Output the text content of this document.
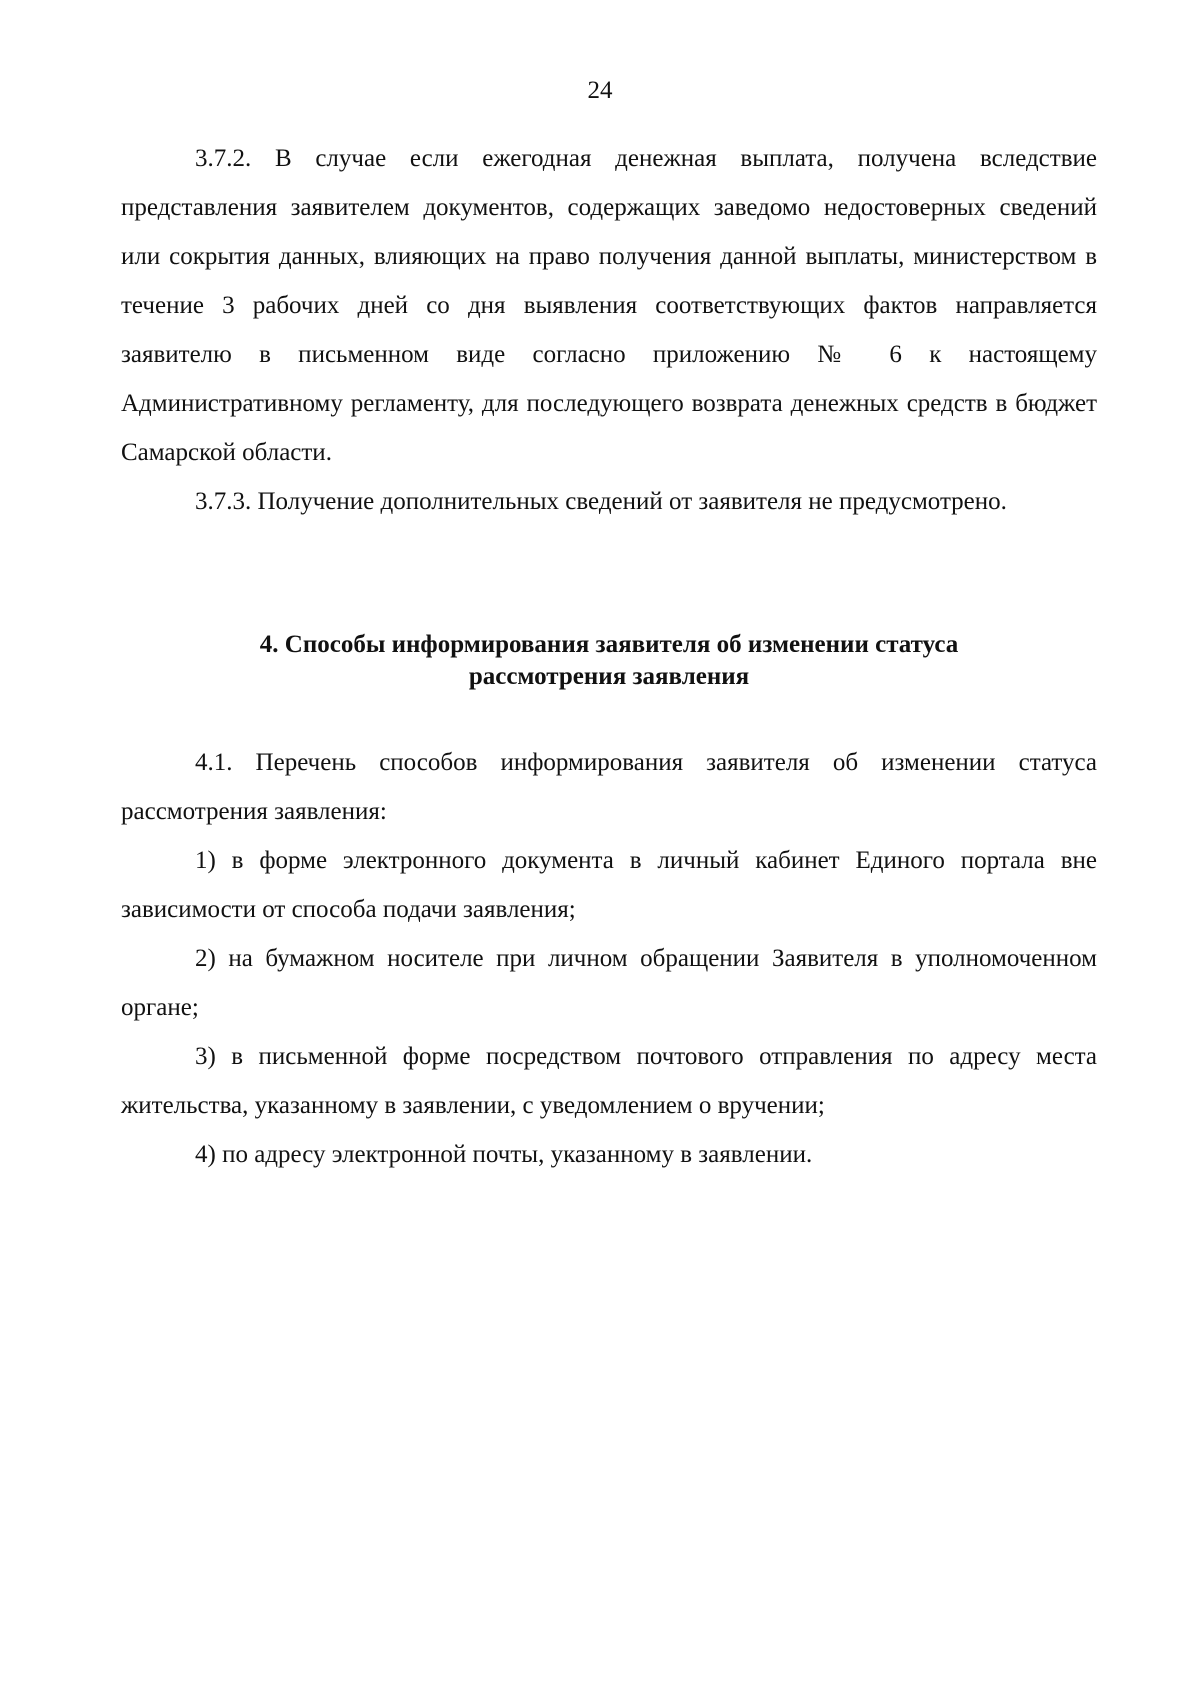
24

3.7.2. В случае если ежегодная денежная выплата, получена вследствие представления заявителем документов, содержащих заведомо недостоверных сведений или сокрытия данных, влияющих на право получения данной выплаты, министерством в течение 3 рабочих дней со дня выявления соответствующих фактов направляется заявителю в письменном виде согласно приложению № 6 к настоящему Административному регламенту, для последующего возврата денежных средств в бюджет Самарской области.

3.7.3. Получение дополнительных сведений от заявителя не предусмотрено.

4. Способы информирования заявителя об изменении статуса
рассмотрения заявления

4.1. Перечень способов информирования заявителя об изменении статуса рассмотрения заявления:

1) в форме электронного документа в личный кабинет Единого портала вне зависимости от способа подачи заявления;

2) на бумажном носителе при личном обращении Заявителя в уполномоченном органе;

3) в письменной форме посредством почтового отправления по адресу места жительства, указанному в заявлении, с уведомлением о вручении;

4) по адресу электронной почты, указанному в заявлении.
